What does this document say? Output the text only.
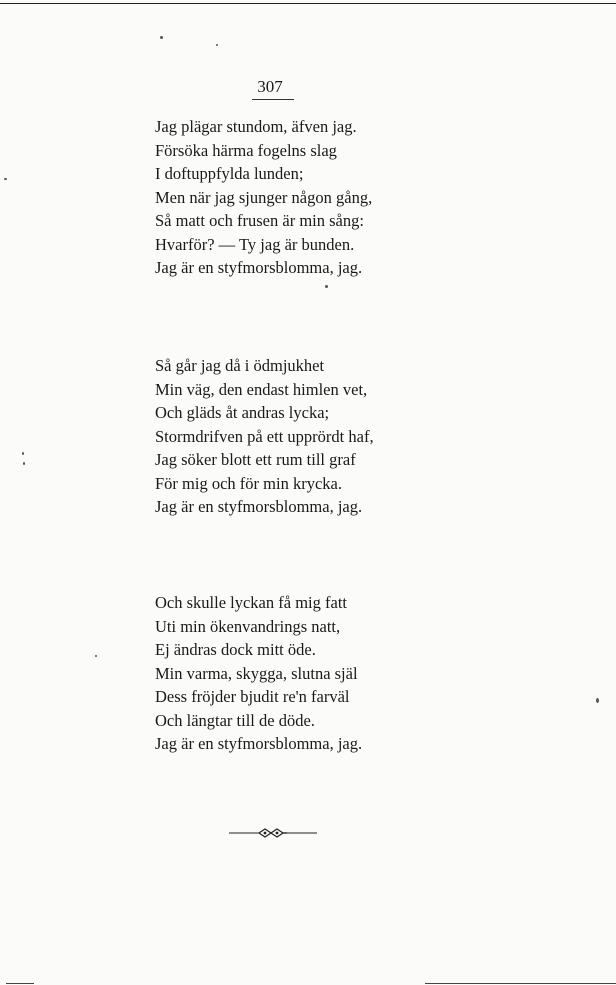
307
Jag plägar stundom, äfven jag.
Försöka härma fogelns slag
I doftuppfylda lunden;
Men när jag sjunger någon gång,
Så matt och frusen är min sång:
Hvarför? — Ty jag är bunden.
Jag är en styfmorsblomma, jag.
Så går jag då i ödmjukhet
Min väg, den endast himlen vet,
Och gläds åt andras lycka;
Stormdrifven på ett upprördt haf,
Jag söker blott ett rum till graf
För mig och för min krycka.
Jag är en styfmorsblomma, jag.
Och skulle lyckan få mig fatt
Uti min ökenvandrings natt,
Ej ändras dock mitt öde.
Min varma, skygga, slutna själ
Dess fröjder bjudit re'n farväl
Och längtar till de döde.
Jag är en styfmorsblomma, jag.
